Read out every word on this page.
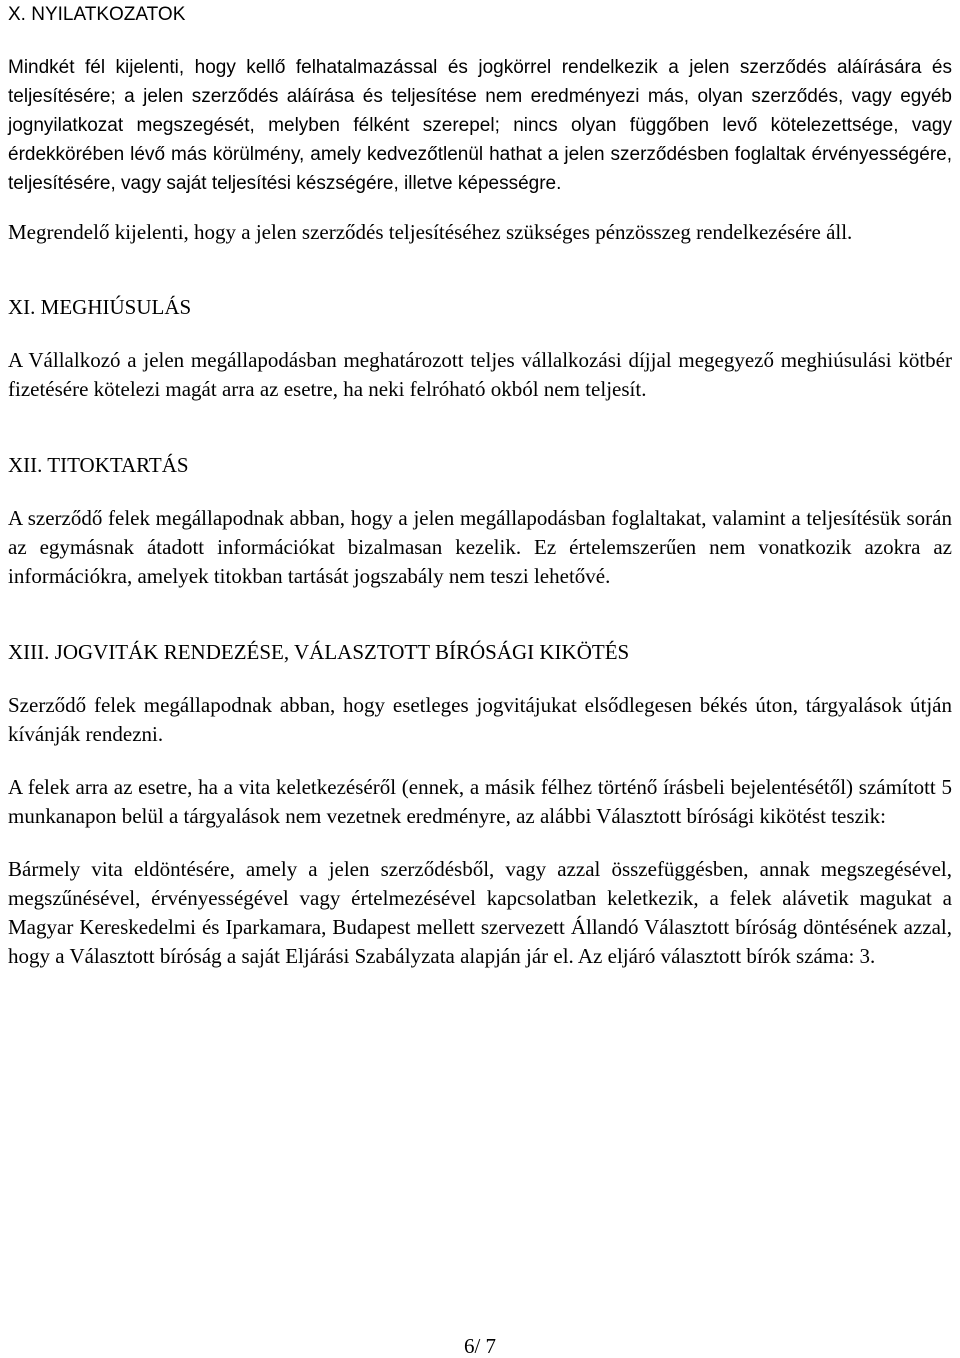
X. NYILATKOZATOK

Mindkét fél kijelenti, hogy kellő felhatalmazással és jogkörrel rendelkezik a jelen szerződés aláírására és teljesítésére; a jelen szerződés aláírása és teljesítése nem eredményezi más, olyan szerződés, vagy egyéb jognyilatkozat megszegését, melyben félként szerepel; nincs olyan függőben levő kötelezettsége, vagy érdekkörében lévő más körülmény, amely kedvezőtlenül hathat a jelen szerződésben foglaltak érvényességére, teljesítésére, vagy saját teljesítési készségére, illetve képességre.

Megrendelő kijelenti, hogy a jelen szerződés teljesítéséhez szükséges pénzösszeg rendelkezésére áll.

XI. MEGHIÚSULÁS

A Vállalkozó a jelen megállapodásban meghatározott teljes vállalkozási díjjal megegyező meghiúsulási kötbér fizetésére kötelezi magát arra az esetre, ha neki felróható okból nem teljesít.

XII. TITOKTARTÁS

A szerződő felek megállapodnak abban, hogy a jelen megállapodásban foglaltakat, valamint a teljesítésük során az egymásnak átadott információkat bizalmasan kezelik. Ez értelemszerűen nem vonatkozik azokra az információkra, amelyek titokban tartását jogszabály nem teszi lehetővé.

XIII. JOGVITÁK RENDEZÉSE, VÁLASZTOTT BÍRÓSÁGI KIKÖTÉS

Szerződő felek megállapodnak abban, hogy esetleges jogvitájukat elsődlegesen békés úton, tárgyalások útján kívánják rendezni.

A felek arra az esetre, ha a vita keletkezéséről (ennek, a másik félhez történő írásbeli bejelentésétől) számított 5 munkanapon belül a tárgyalások nem vezetnek eredményre, az alábbi Választott bírósági kikötést teszik:

Bármely vita eldöntésére, amely a jelen szerződésből, vagy azzal összefüggésben, annak megszegésével, megszűnésével, érvényességével vagy értelmezésével kapcsolatban keletkezik, a felek alávetik magukat a Magyar Kereskedelmi és Iparkamara, Budapest mellett szervezett Állandó Választott bíróság döntésének azzal, hogy a Választott bíróság a saját Eljárási Szabályzata alapján jár el. Az eljáró választott bírók száma: 3.

6/ 7
